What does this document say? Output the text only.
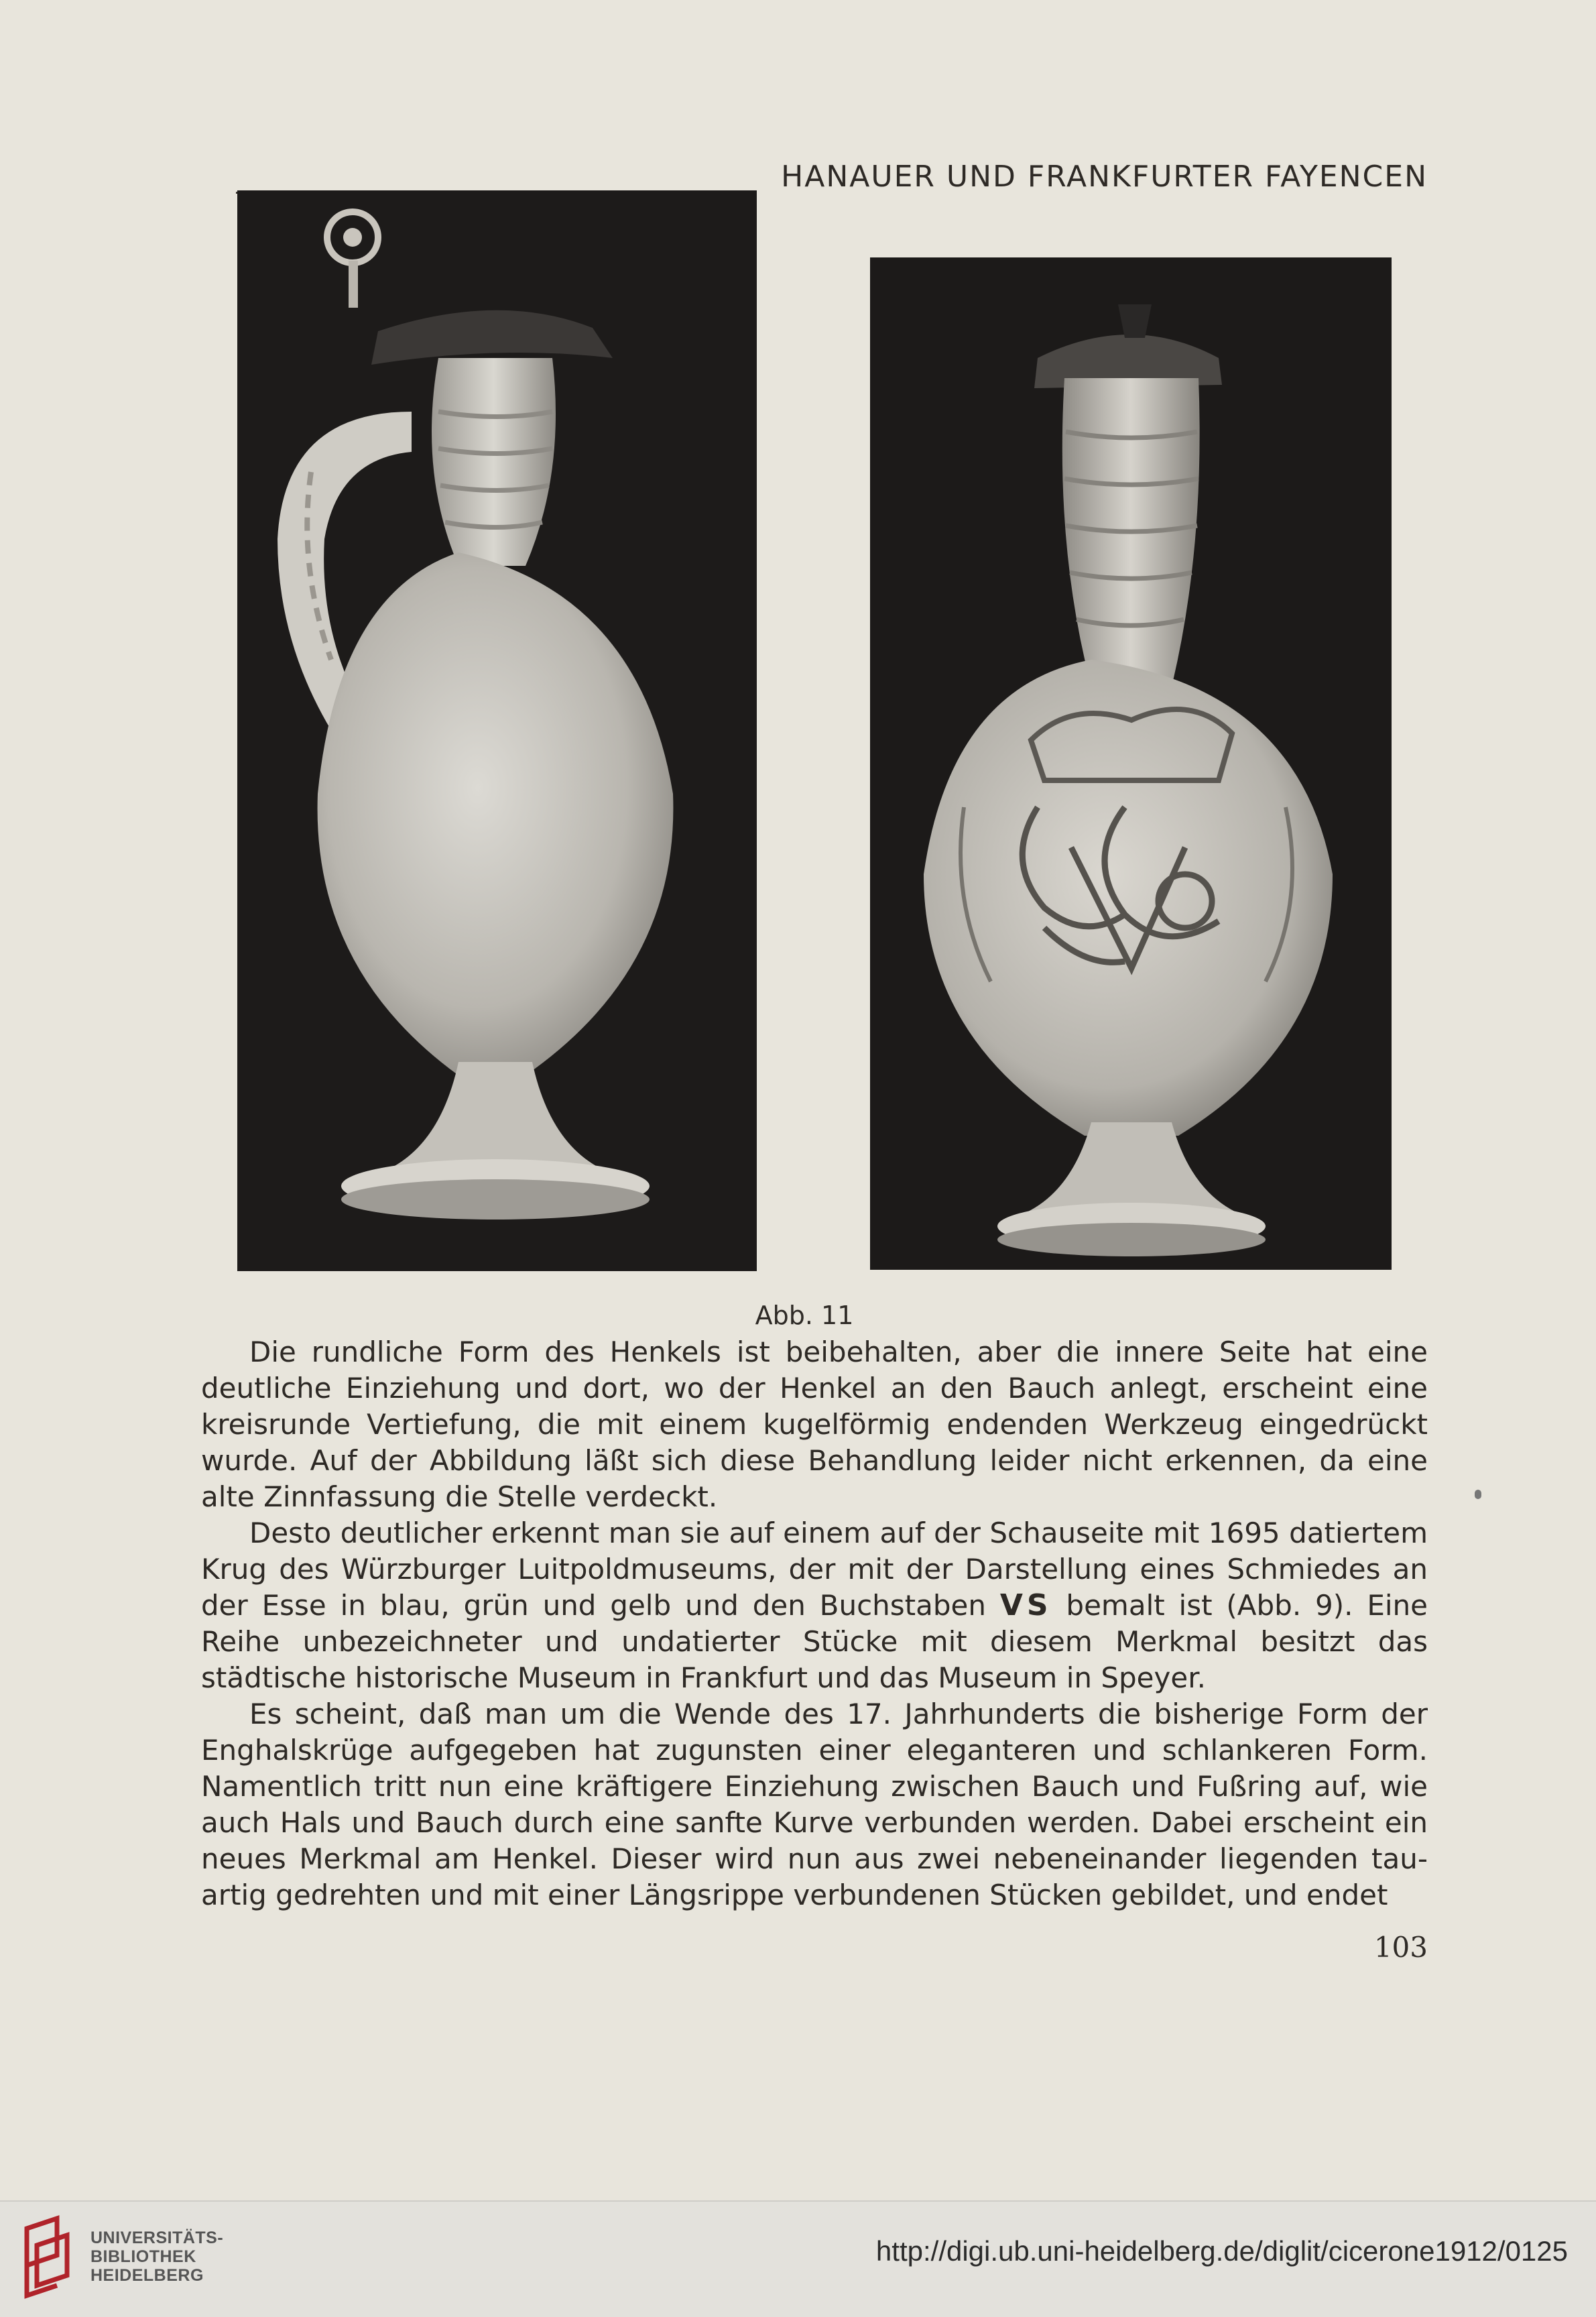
HANAUER UND FRANKFURTER FAYENCEN
Abb. 11

Die rundliche Form des Henkels ist beibehalten, aber die innere Seite hat eine deutliche Einziehung und dort, wo der Henkel an den Bauch anlegt, erscheint eine kreisrunde Vertiefung, die mit einem kugelförmig endenden Werkzeug eingedrückt wurde. Auf der Abbildung läßt sich diese Behandlung leider nicht erkennen, da eine alte Zinnfassung die Stelle verdeckt.

Desto deutlicher erkennt man sie auf einem auf der Schauseite mit 1695 datiertem Krug des Würzburger Luitpoldmuseums, der mit der Darstellung eines Schmiedes an der Esse in blau, grün und gelb und den Buchstaben VS bemalt ist (Abb. 9). Eine Reihe unbezeichneter und undatierter Stücke mit diesem Merkmal besitzt das städtische historische Museum in Frankfurt und das Museum in Speyer.

Es scheint, daß man um die Wende des 17. Jahrhunderts die bisherige Form der Enghalskrüge aufgegeben hat zugunsten einer eleganteren und schlankeren Form. Namentlich tritt nun eine kräftigere Einziehung zwischen Bauch und Fußring auf, wie auch Hals und Bauch durch eine sanfte Kurve verbunden werden. Dabei erscheint ein neues Merkmal am Henkel. Dieser wird nun aus zwei nebeneinander liegenden tau-artig gedrehten und mit einer Längsrippe verbundenen Stücken gebildet, und endet

103
UNIVERSITÄTS-
BIBLIOTHEK
HEIDELBERG
http://digi.ub.uni-heidelberg.de/diglit/cicerone1912/0125
